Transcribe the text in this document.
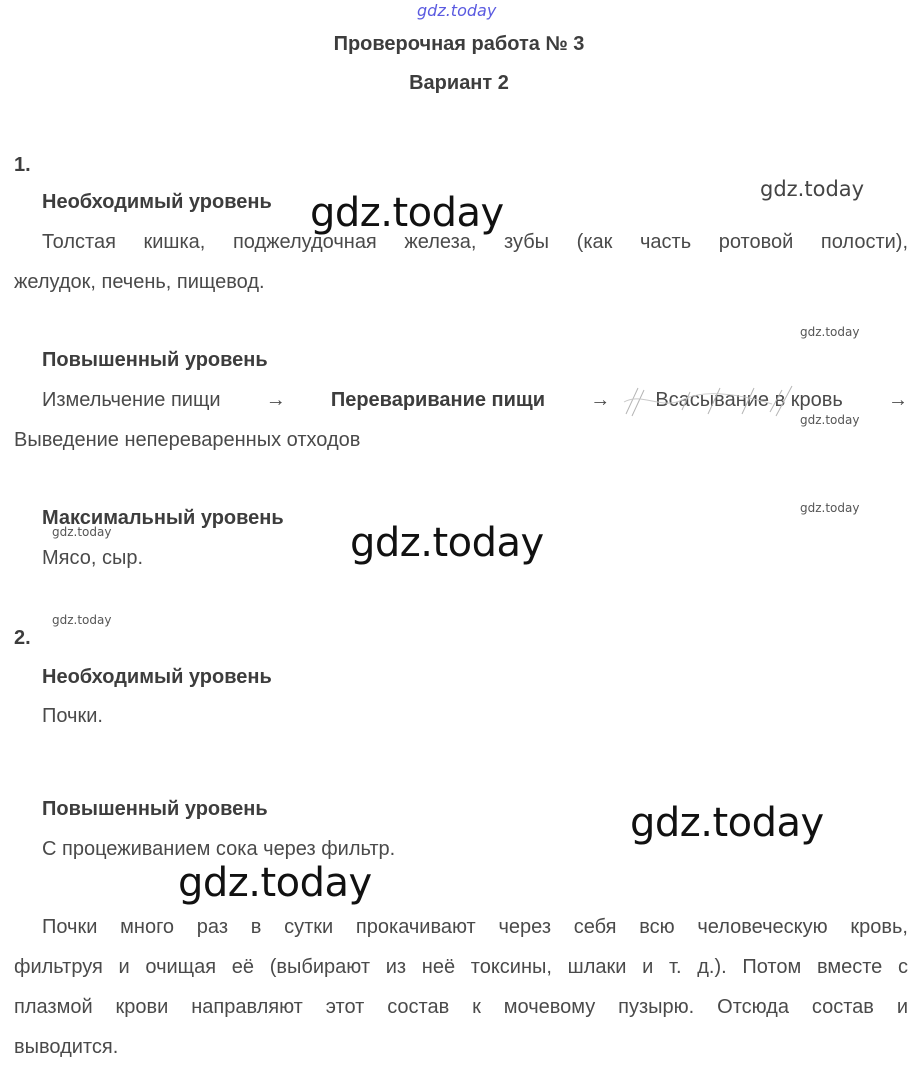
gdz.today
Проверочная работа № 3
Вариант 2
1.
Необходимый уровень
Толстая кишка, поджелудочная железа, зубы (как часть ротовой полости),
желудок, печень, пищевод.
Повышенный уровень
Измельчение пищи → Переваривание пищи → Всасывание в кровь →
Выведение непереваренных отходов
Максимальный уровень
Мясо, сыр.
2.
Необходимый уровень
Почки.
Повышенный уровень
С процеживанием сока через фильтр.
Почки много раз в сутки прокачивают через себя всю человеческую кровь,
фильтруя и очищая её (выбирают из неё токсины, шлаки и т. д.). Потом вместе с
плазмой крови направляют этот состав к мочевому пузырю. Отсюда состав и
выводится.
gdz.today
gdz.today
gdz.today
gdz.today
gdz.today
gdz.today	gdz.today
gdz.today
gdz.today
gdz.today
